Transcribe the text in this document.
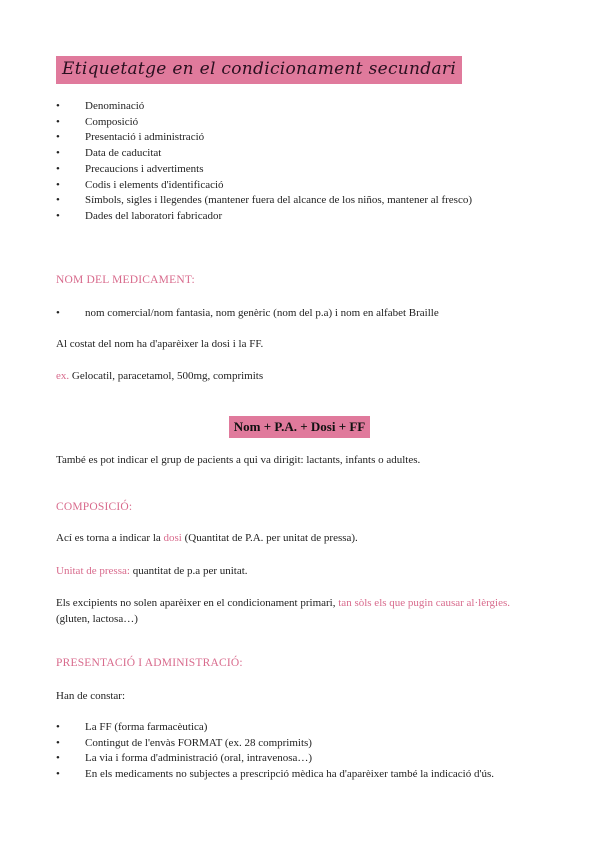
Etiquetatge en el condicionament secundari
• Denominació
• Composició
• Presentació i administració
• Data de caducitat
• Precaucions i advertiments
• Codis i elements d'identificació
• Símbols, sigles i llegendes (mantener fuera del alcance de los niños, mantener al fresco)
• Dades del laboratori fabricador
NOM DEL MEDICAMENT:
• nom comercial/nom fantasia, nom genèric (nom del p.a) i nom en alfabet Braille
Al costat del nom ha d'aparèixer la dosi i la FF.
ex. Gelocatil, paracetamol, 500mg, comprimits
Nom + P.A. + Dosi + FF
També es pot indicar el grup de pacients a qui va dirigit: lactants, infants o adultes.
COMPOSICIÓ:
Ací es torna a indicar la dosi (Quantitat de P.A. per unitat de pressa).
Unitat de pressa: quantitat de p.a per unitat.
Els excipients no solen aparèixer en el condicionament primari, tan sòls els que pugin causar al·lèrgies. (gluten, lactosa…)
PRESENTACIÓ I ADMINISTRACIÓ:
Han de constar:
• La FF (forma farmacèutica)
• Contingut de l'envàs FORMAT (ex. 28 comprimits)
• La via i forma d'administració (oral, intravenosa…)
• En els medicaments no subjectes a prescripció mèdica ha d'aparèixer també la indicació d'ús.
